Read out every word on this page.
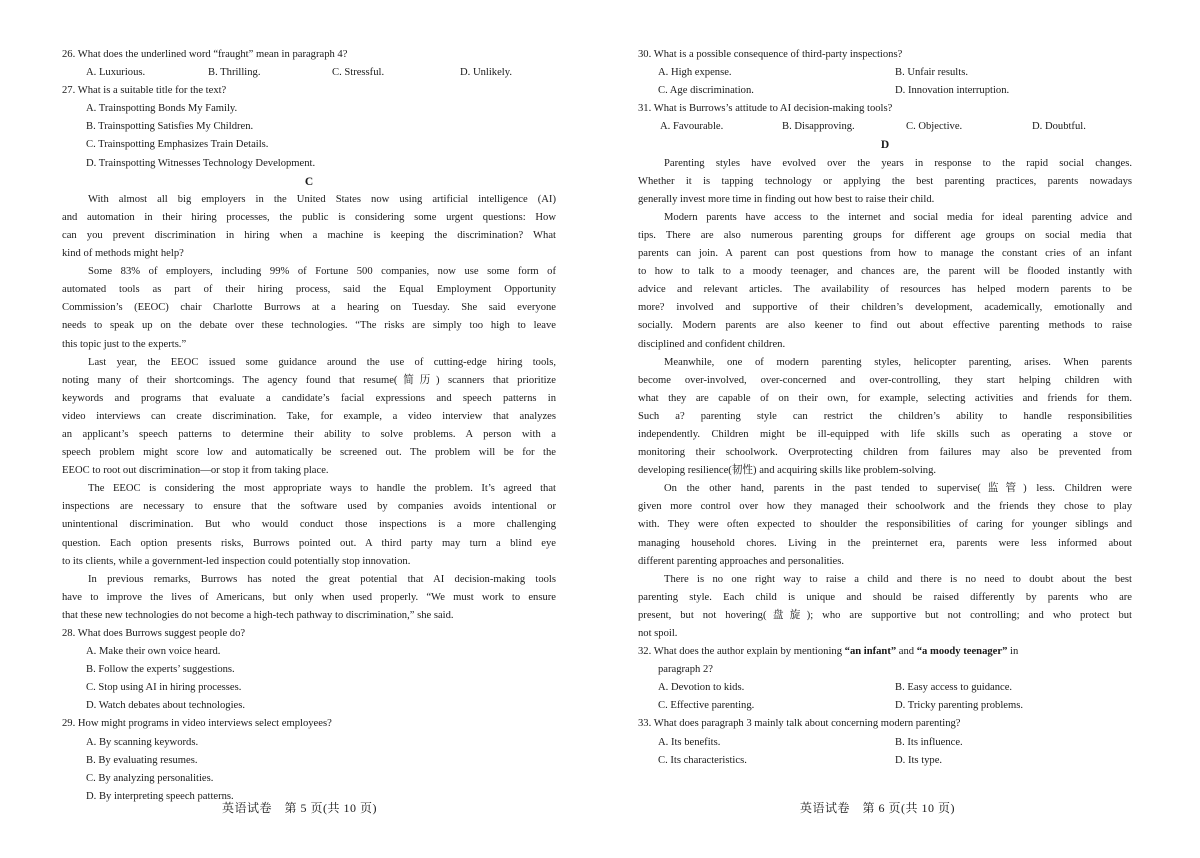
26. What does the underlined word “fraught” mean in paragraph 4?
A. Luxurious.	B. Thrilling.	C. Stressful.	D. Unlikely.
27. What is a suitable title for the text?
A. Trainspotting Bonds My Family.
B. Trainspotting Satisfies My Children.
C. Trainspotting Emphasizes Train Details.
D. Trainspotting Witnesses Technology Development.
C
With almost all big employers in the United States now using artificial intelligence (AI)
and automation in their hiring processes, the public is considering some urgent questions: How
can you prevent discrimination in hiring when a machine is keeping the discrimination? What
kind of methods might help?
Some 83% of employers, including 99% of Fortune 500 companies, now use some form of
automated tools as part of their hiring process, said the Equal Employment Opportunity
Commission’s (EEOC) chair Charlotte Burrows at a hearing on Tuesday. She said everyone
needs to speak up on the debate over these technologies. “The risks are simply too high to leave
this topic just to the experts.”
Last year, the EEOC issued some guidance around the use of cutting-edge hiring tools,
noting many of their shortcomings. The agency found that resume(简历) scanners that prioritize
keywords and programs that evaluate a candidate’s facial expressions and speech patterns in
video interviews can create discrimination. Take, for example, a video interview that analyzes
an applicant’s speech patterns to determine their ability to solve problems. A person with a
speech problem might score low and automatically be screened out. The problem will be for the
EEOC to root out discrimination—or stop it from taking place.
The EEOC is considering the most appropriate ways to handle the problem. It’s agreed that
inspections are necessary to ensure that the software used by companies avoids intentional or
unintentional discrimination. But who would conduct those inspections is a more challenging
question. Each option presents risks, Burrows pointed out. A third party may turn a blind eye
to its clients, while a government-led inspection could potentially stop innovation.
In previous remarks, Burrows has noted the great potential that AI decision-making tools
have to improve the lives of Americans, but only when used properly. “We must work to ensure
that these new technologies do not become a high-tech pathway to discrimination,” she said.
28. What does Burrows suggest people do?
A. Make their own voice heard.
B. Follow the experts’ suggestions.
C. Stop using AI in hiring processes.
D. Watch debates about technologies.
29. How might programs in video interviews select employees?
A. By scanning keywords.
B. By evaluating resumes.
C. By analyzing personalities.
D. By interpreting speech patterns.
英语试卷　第 5 页(共 10 页)
30. What is a possible consequence of third-party inspections?
A. High expense.	B. Unfair results.
C. Age discrimination.	D. Innovation interruption.
31. What is Burrows’s attitude to AI decision-making tools?
A. Favourable.	B. Disapproving.	C. Objective.	D. Doubtful.
D
Parenting styles have evolved over the years in response to the rapid social changes.
Whether it is tapping technology or applying the best parenting practices, parents nowadays
generally invest more time in finding out how best to raise their child.
Modern parents have access to the internet and social media for ideal parenting advice and
tips. There are also numerous parenting groups for different age groups on social media that
parents can join. A parent can post questions from how to manage the constant cries of an infant
to how to talk to a moody teenager, and chances are, the parent will be flooded instantly with
advice and relevant articles. The availability of resources has helped modern parents to be
more? involved and supportive of their children’s development, academically, emotionally and
socially. Modern parents are also keener to find out about effective parenting methods to raise
disciplined and confident children.
Meanwhile, one of modern parenting styles, helicopter parenting, arises. When parents
become over-involved, over-concerned and over-controlling, they start helping children with
what they are capable of on their own, for example, selecting activities and friends for them.
Such a? parenting style can restrict the children’s ability to handle responsibilities
independently. Children might be ill-equipped with life skills such as operating a stove or
monitoring their schoolwork. Overprotecting children from failures may also be prevented from
developing resilience(韧性) and acquiring skills like problem-solving.
On the other hand, parents in the past tended to supervise(监管) less. Children were
given more control over how they managed their schoolwork and the friends they chose to play
with. They were often expected to shoulder the responsibilities of caring for younger siblings and
managing household chores. Living in the preinternet era, parents were less informed about
different parenting approaches and personalities.
There is no one right way to raise a child and there is no need to doubt about the best
parenting style. Each child is unique and should be raised differently by parents who are
present, but not hovering(盘旋); who are supportive but not controlling; and who protect but
not spoil.
32. What does the author explain by mentioning “an infant” and “a moody teenager” in
paragraph 2?
A. Devotion to kids.	B. Easy access to guidance.
C. Effective parenting.	D. Tricky parenting problems.
33. What does paragraph 3 mainly talk about concerning modern parenting?
A. Its benefits.	B. Its influence.
C. Its characteristics.	D. Its type.
英语试卷　第 6 页(共 10 页)
